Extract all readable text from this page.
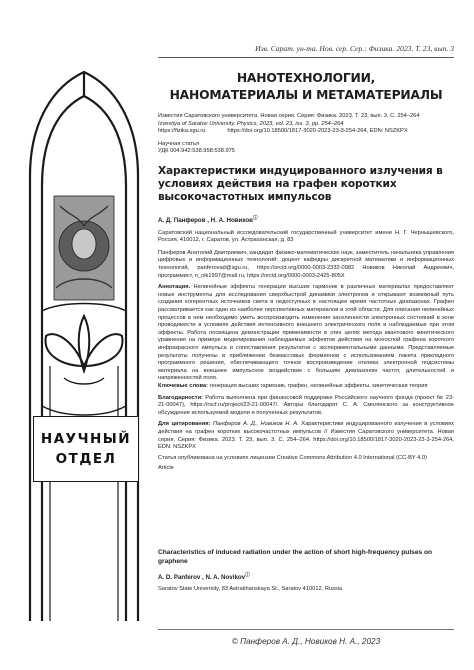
Изв. Сарат. ун-та. Нов. сер. Сер.: Физика. 2023. Т. 23, вып. 3
НАУЧНЫЙ
ОТДЕЛ
НАНОТЕХНОЛОГИИ,
НАНОМАТЕРИАЛЫ И МЕТАМАТЕРИАЛЫ
Известия Саратовского университета. Новая серия. Серия: Физика. 2023. Т. 23, вып. 3. С. 254–264
Izvestiya of Saratov University. Physics, 2023, vol. 23, iss. 3, pp. 254–264
https://fizika.sgu.ru	https://doi.org/10.18500/1817-3020-2023-23-3-254-264, EDN: NSZKPX
Научная статья
УДК 004.942:538.958:538.975
Характеристики индуцированного излучения в условиях действия на графен коротких высокочастотных импульсов
А. Д. Панферов , Н. А. Новиковⓘ
Саратовский национальный исследовательский государственный университет имени Н. Г. Чернышевского, Россия, 410012, г. Саратов, ул. Астраханская, д. 83
Панферов Анатолий Дмитриевич, кандидат физико-математических наук, заместитель начальника управления цифровых и информационных технологий; доцент кафедры дискретной математики и информационных технологий, panferovad@sgu.ru, https://orcid.org/0000-0003-2332-0982 Новиков Николай Андреевич, программист, n_nik1997@mail.ru, https://orcid.org/0000-0003-2425-805X
Аннотация. Нелинейные эффекты генерации высших гармоник в различных материалах предоставляют новые инструменты для исследования сверхбыстрой динамики электронов и открывают возможный путь создания когерентных источников света в недоступных в настоящее время частотных диапазонах. Графен рассматривается как один из наиболее перспективных материалов в этой области. Для описания нелинейных процессов в нем необходимо уметь воспроизводить изменение заселенности электронных состояний в зоне проводимости в условиях действия интенсивного внешнего электрического поля и наблюдаемые при этом эффекты. Работа посвящена демонстрации применимости в этих целях метода квантового кинетического уравнения на примере моделирования наблюдаемых эффектов действия на монослой графена короткого инфракрасного импульса и сопоставления результатов с экспериментальными данными. Представляемые результаты получены в приближении безмассовых фермионов с использованием пакета прикладного программного решения, обеспечивающего точное воспроизведение отклика электронной подсистемы материала на внешнее импульсное воздействие с большим диапазоном частот, длительностей и напряженностей поля.
Ключевые слова: генерация высших гармоник, графен, нелинейные эффекты, кинетическая теория
Благодарности: Работа выполнена при финансовой поддержке Российского научного фонда (проект № 23-21-00047), https://rscf.ru/project/23-21-00047/. Авторы благодарят С. А. Смолянского за конструктивное обсуждение используемой модели и полученных результатов.
Для цитирования: Панферов А. Д., Новиков Н. А. Характеристики индуцированного излучения в условиях действия на графен коротких высокочастотных импульсов // Известия Саратовского университета. Новая серия. Серия: Физика. 2023. Т. 23, вып. 3. С. 254–264. https://doi.org/10.18500/1817-3020-2023-23-3-254-264, EDN: NSZKPX
Статья опубликована на условиях лицензии Creative Commons Attribution 4.0 International (CC-BY 4.0)
Article
Characteristics of induced radiation under the action of short high-frequency pulses on graphene
A. D. Panferov , N. A. Novikovⓘ
Saratov State University, 83 Astrakhanskaya St., Saratov 410012, Russia
© Панферов А. Д., Новиков Н. А., 2023
